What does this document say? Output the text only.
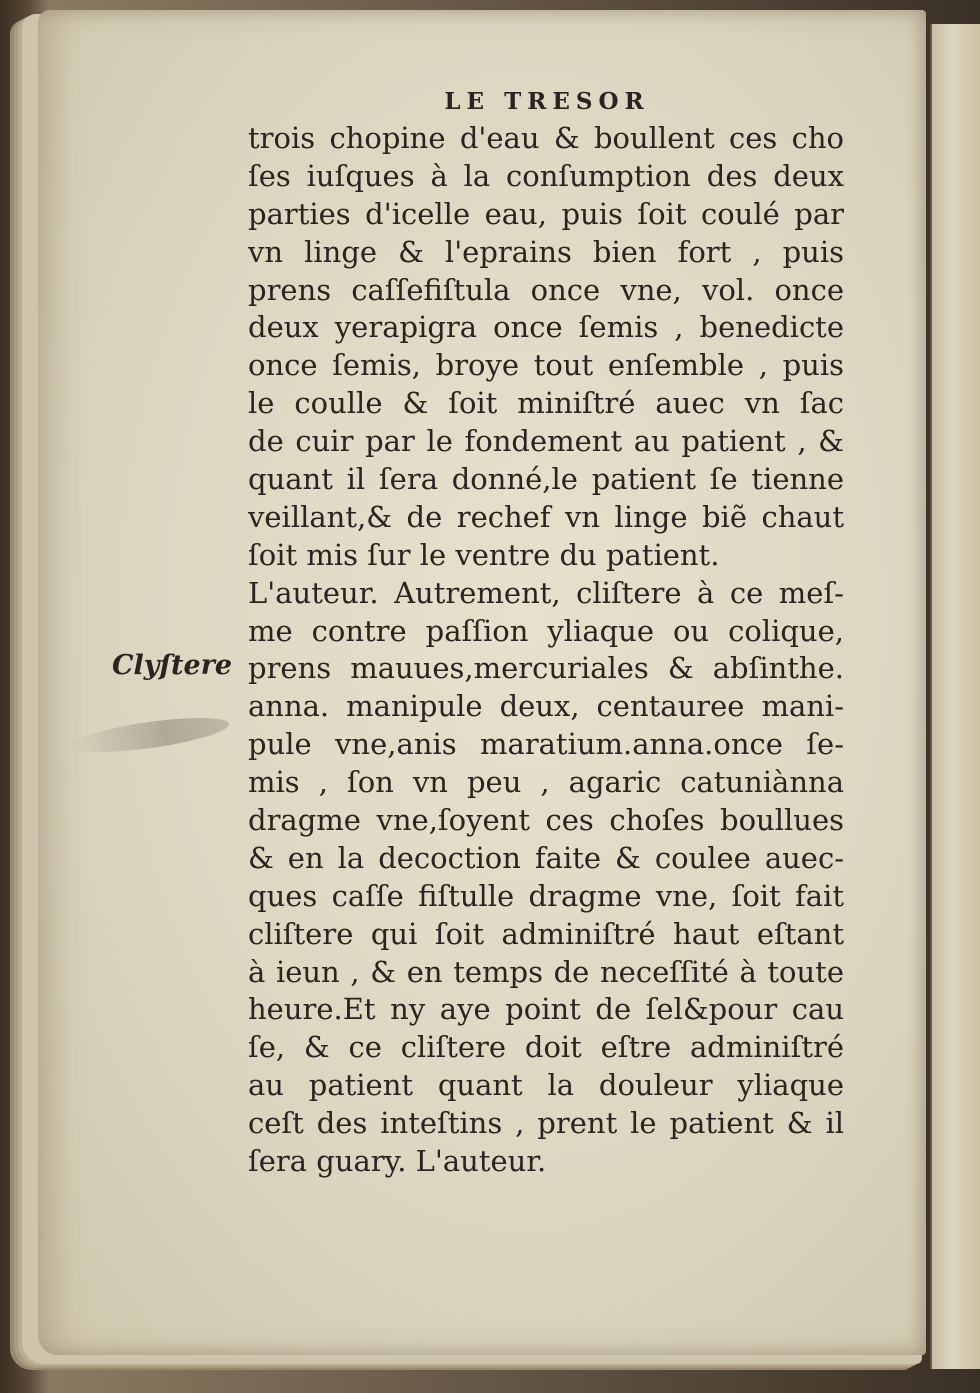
LE TRESOR
Clyſtere
trois chopine d'eau & boullent ces cho
ſes iuſques à la conſumption des deux
parties d'icelle eau, puis ſoit coulé par
vn linge & l'eprains bien fort , puis
prens caſſefiſtula once vne, vol. once
deux yerapigra once ſemis , benedicte
once ſemis, broye tout enſemble , puis
le coulle & ſoit miniſtré auec vn ſac
de cuir par le fondement au patient , &
quant il ſera donné,le patient ſe tienne
veillant,& de rechef vn linge biẽ chaut
ſoit mis ſur le ventre du patient.
L'auteur. Autrement, cliſtere à ce meſ-
me contre paſſion yliaque ou colique,
prens mauues,mercuriales & abſinthe.
anna. manipule deux, centauree mani-
pule vne,anis maratium.anna.once ſe-
mis , ſon vn peu , agaric catuniànna
dragme vne,ſoyent ces choſes boullues
& en la decoction faite & coulee auec-
ques caſſe fiſtulle dragme vne, ſoit fait
cliſtere qui ſoit adminiſtré haut eſtant
à ieun , & en temps de neceſſité à toute
heure.Et ny aye point de ſel&pour cau
ſe, & ce cliſtere doit eſtre adminiſtré
au patient quant la douleur yliaque
ceſt des inteſtins , prent le patient & il
ſera guary. L'auteur.
